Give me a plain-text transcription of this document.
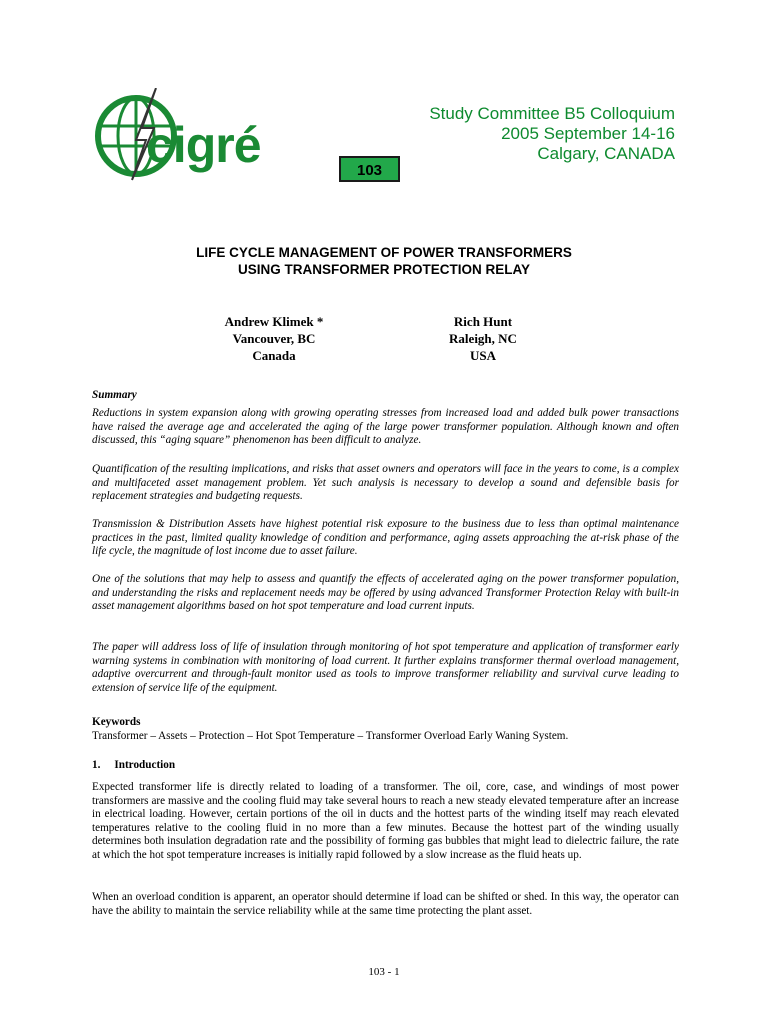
cigré
Study Committee B5 Colloquium
2005 September 14-16
Calgary, CANADA
103
LIFE CYCLE MANAGEMENT OF POWER TRANSFORMERS
USING TRANSFORMER PROTECTION RELAY
Andrew Klimek *
Vancouver, BC
Canada
Rich Hunt
Raleigh, NC
USA
Summary

Reductions in system expansion along with growing operating stresses from increased load and added bulk power transactions have raised the average age and accelerated the aging of the large power transformer population. Although known and often discussed, this “aging square” phenomenon has been difficult to analyze.

Quantification of the resulting implications, and risks that asset owners and operators will face in the years to come, is a complex and multifaceted asset management problem. Yet such analysis is necessary to develop a sound and defensible basis for replacement strategies and budgeting requests.

Transmission & Distribution Assets have highest potential risk exposure to the business due to less than optimal maintenance practices in the past, limited quality knowledge of condition and performance, aging assets approaching the at-risk phase of the life cycle, the magnitude of lost income due to asset failure.

One of the solutions that may help to assess and quantify the effects of accelerated aging on the power transformer population, and understanding the risks and replacement needs may be offered by using advanced Transformer Protection Relay with built-in asset management algorithms based on hot spot temperature and load current inputs.

The paper will address loss of life of insulation through monitoring of hot spot temperature and application of transformer early warning systems in combination with monitoring of load current. It further explains transformer thermal overload management, adaptive overcurrent and through-fault monitor used as tools to improve transformer reliability and survival curve leading to extension of service life of the equipment.

Keywords

Transformer – Assets – Protection – Hot Spot Temperature – Transformer Overload Early Waning System.

1.     Introduction

Expected transformer life is directly related to loading of a transformer. The oil, core, case, and windings of most power transformers are massive and the cooling fluid may take several hours to reach a new steady elevated temperature after an increase in electrical loading. However, certain portions of the oil in ducts and the hottest parts of the winding itself may reach elevated temperatures relative to the cooling fluid in no more than a few minutes. Because the hottest part of the winding usually determines both insulation degradation rate and the possibility of forming gas bubbles that might lead to dielectric failure, the rate at which the hot spot temperature increases is initially rapid followed by a slow increase as the fluid heats up.

When an overload condition is apparent, an operator should determine if load can be shifted or shed. In this way, the operator can have the ability to maintain the service reliability while at the same time protecting the plant asset.

103 - 1
